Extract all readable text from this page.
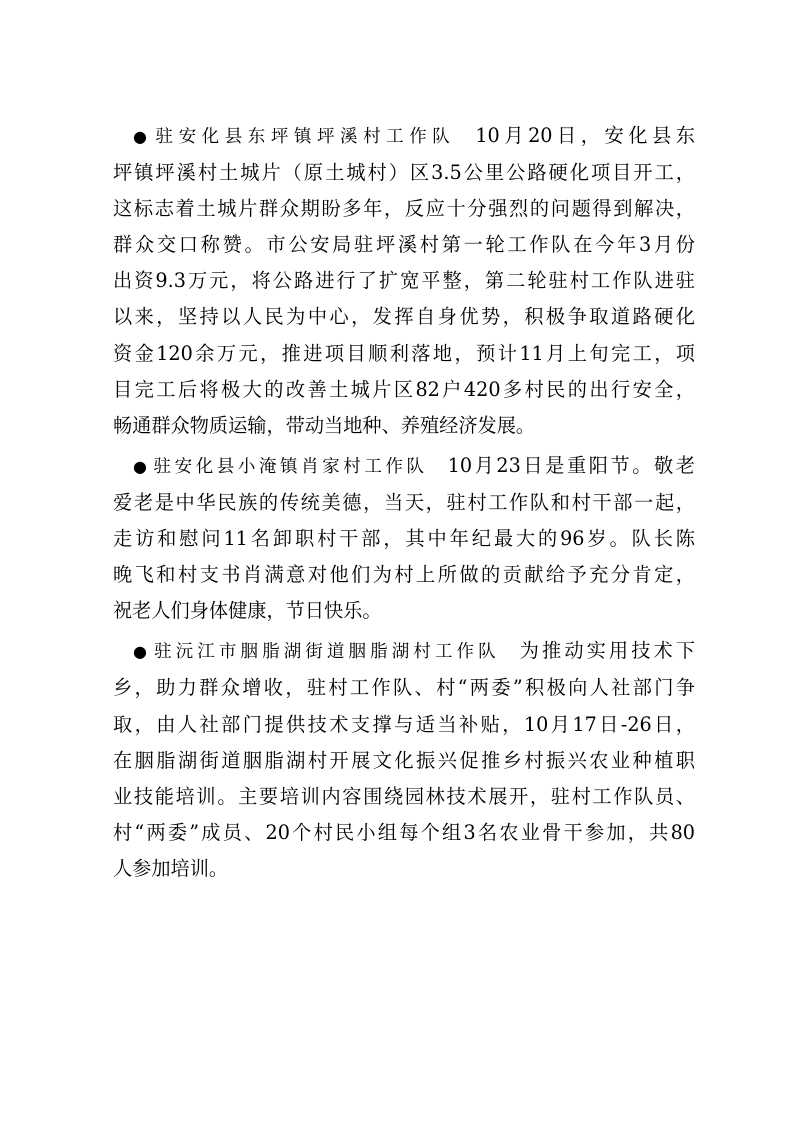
● 驻安化县东坪镇坪溪村工作队 10月20日，安化县东
坪镇坪溪村土城片（原土城村）区3.5公里公路硬化项目开工，
这标志着土城片群众期盼多年，反应十分强烈的问题得到解决，
群众交口称赞。市公安局驻坪溪村第一轮工作队在今年3月份
出资9.3万元，将公路进行了扩宽平整，第二轮驻村工作队进驻
以来，坚持以人民为中心，发挥自身优势，积极争取道路硬化
资金120余万元，推进项目顺利落地，预计11月上旬完工，项
目完工后将极大的改善土城片区82户420多村民的出行安全，
畅通群众物质运输，带动当地种、养殖经济发展。
● 驻安化县小淹镇肖家村工作队 10月23日是重阳节。敬老
爱老是中华民族的传统美德，当天，驻村工作队和村干部一起，
走访和慰问11名卸职村干部，其中年纪最大的96岁。队长陈
晚飞和村支书肖满意对他们为村上所做的贡献给予充分肯定，
祝老人们身体健康，节日快乐。
● 驻沅江市胭脂湖街道胭脂湖村工作队 为推动实用技术下
乡，助力群众增收，驻村工作队、村“两委”积极向人社部门争
取，由人社部门提供技术支撑与适当补贴，10月17日-26日，
在胭脂湖街道胭脂湖村开展文化振兴促推乡村振兴农业种植职
业技能培训。主要培训内容围绕园林技术展开，驻村工作队员、
村“两委”成员、20个村民小组每个组3名农业骨干参加，共80
人参加培训。
